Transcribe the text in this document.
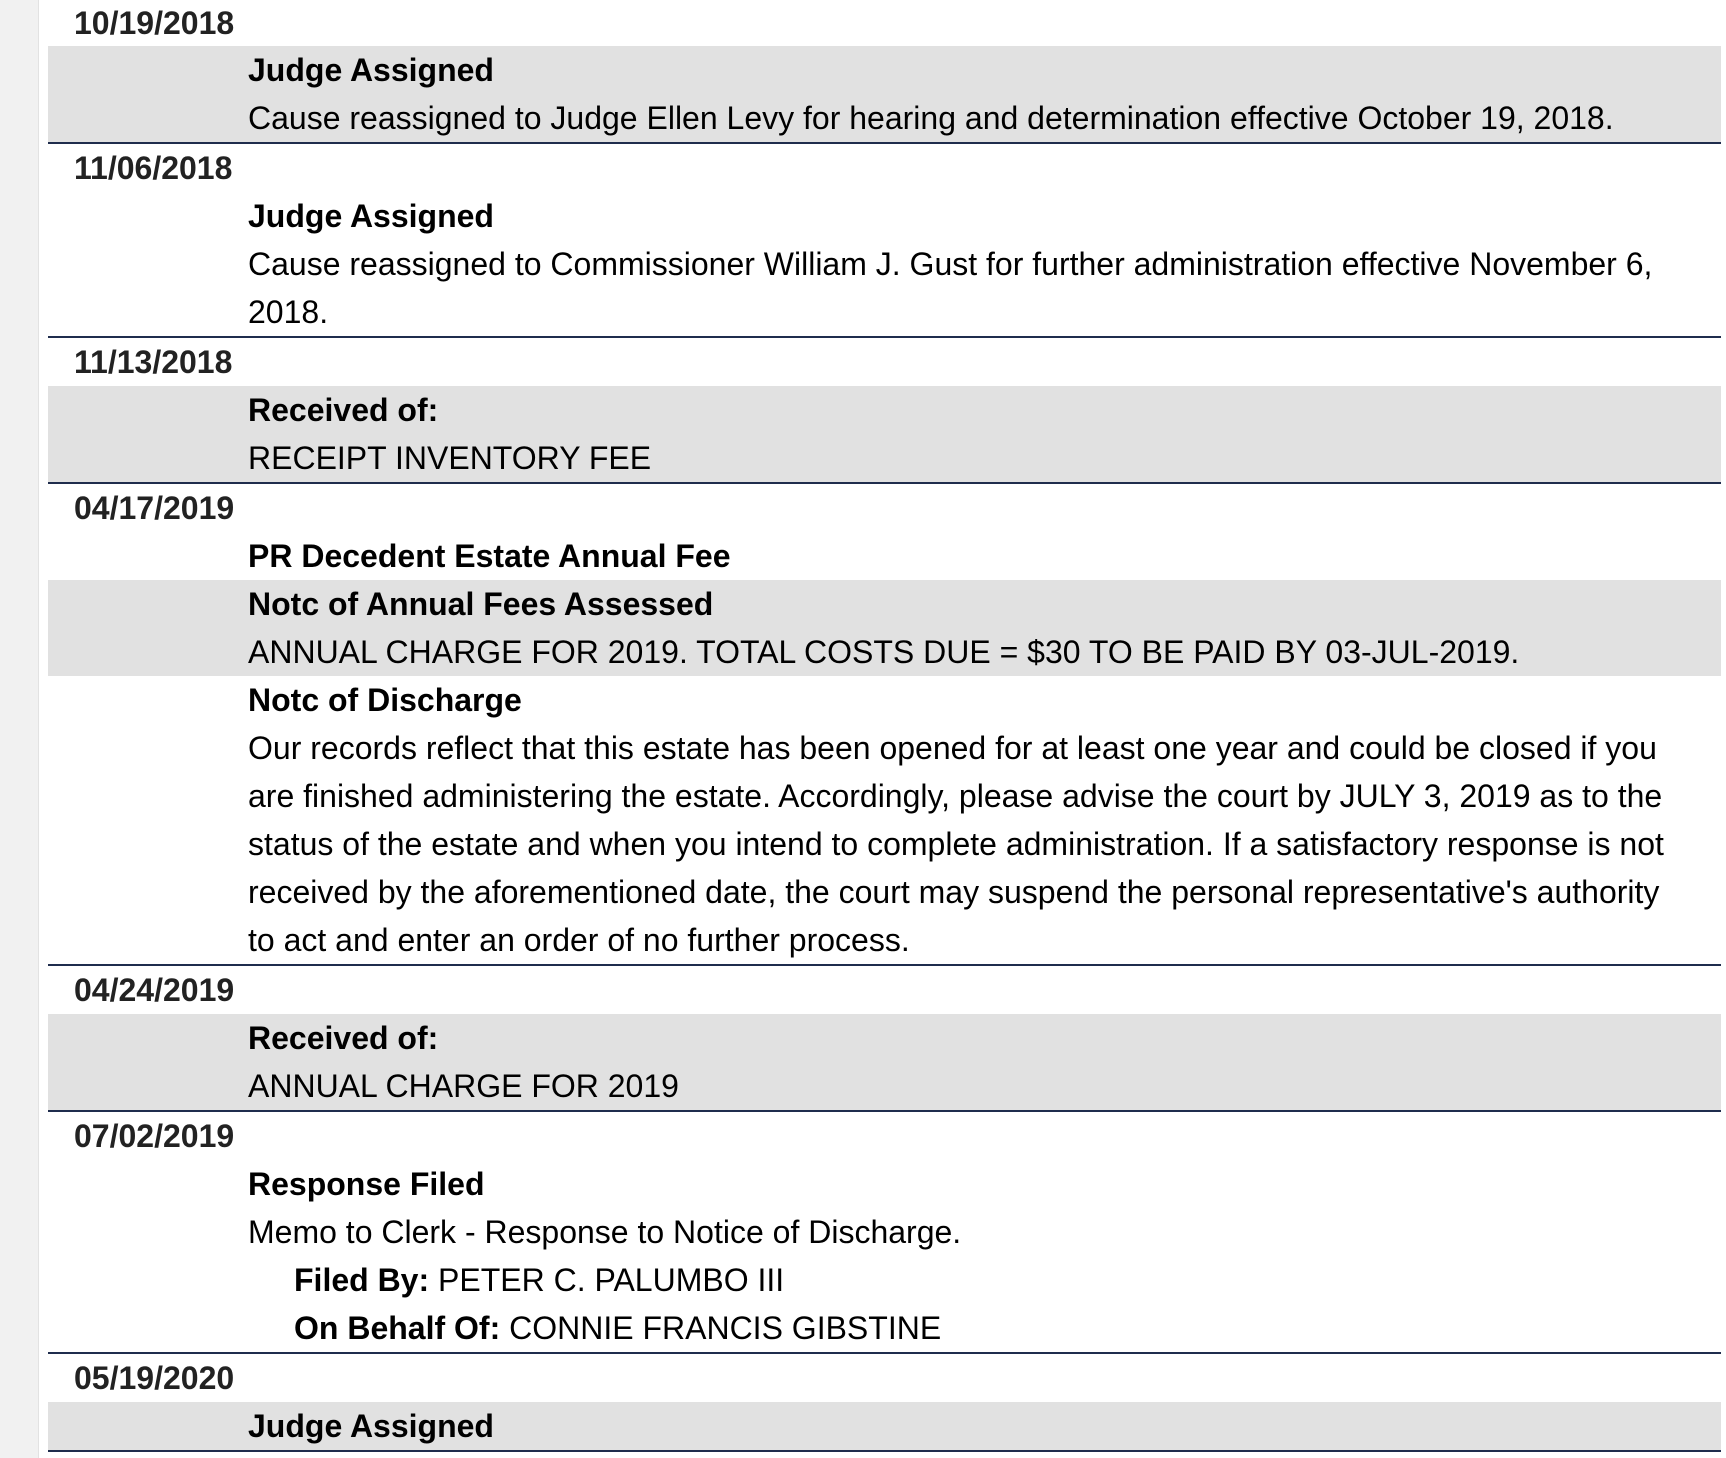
10/19/2018
Judge Assigned
Cause reassigned to Judge Ellen Levy for hearing and determination effective October 19, 2018.
11/06/2018
Judge Assigned
Cause reassigned to Commissioner William J. Gust for further administration effective November 6, 2018.
11/13/2018
Received of:
RECEIPT INVENTORY FEE
04/17/2019
PR Decedent Estate Annual Fee
Notc of Annual Fees Assessed
ANNUAL CHARGE FOR 2019. TOTAL COSTS DUE = $30 TO BE PAID BY 03-JUL-2019.
Notc of Discharge
Our records reflect that this estate has been opened for at least one year and could be closed if you are finished administering the estate. Accordingly, please advise the court by JULY 3, 2019 as to the status of the estate and when you intend to complete administration. If a satisfactory response is not received by the aforementioned date, the court may suspend the personal representative's authority to act and enter an order of no further process.
04/24/2019
Received of:
ANNUAL CHARGE FOR 2019
07/02/2019
Response Filed
Memo to Clerk - Response to Notice of Discharge.
Filed By: PETER C. PALUMBO III
On Behalf Of: CONNIE FRANCIS GIBSTINE
05/19/2020
Judge Assigned
